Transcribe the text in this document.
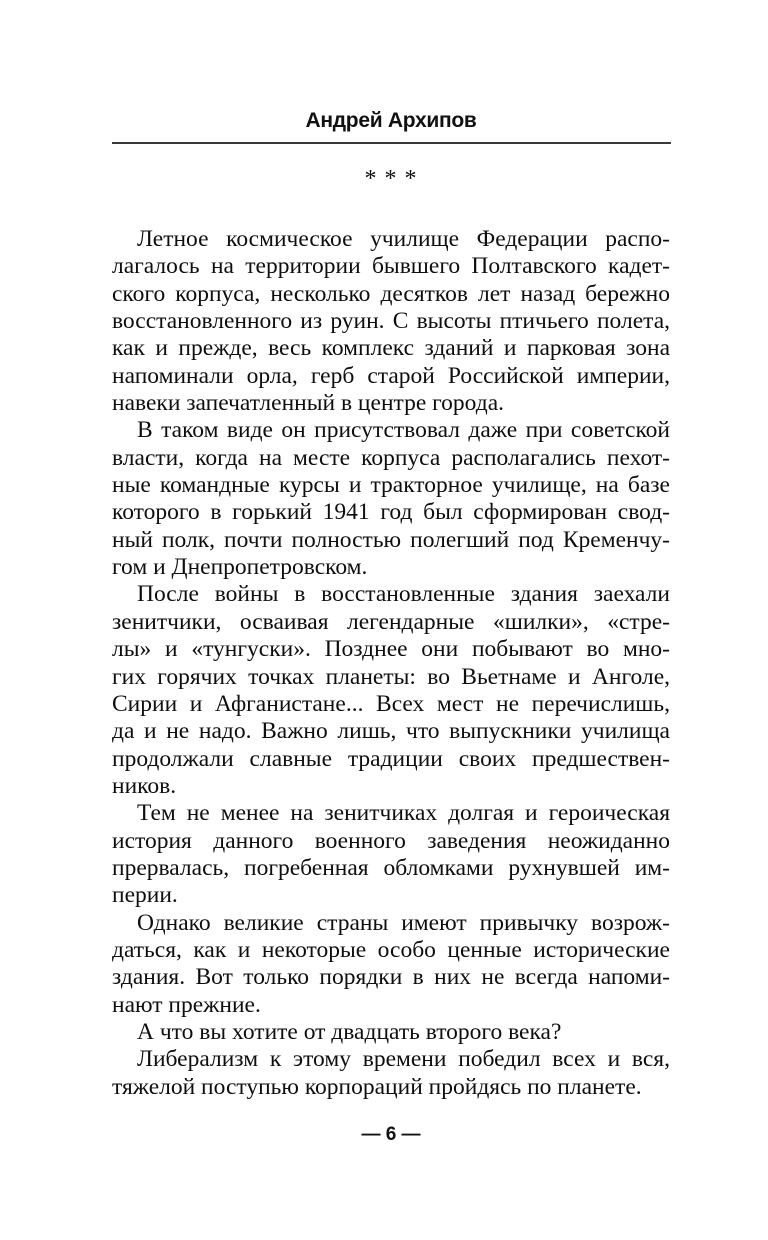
Андрей Архипов
* * *
Летное космическое училище Федерации распо-
лагалось на территории бывшего Полтавского кадет-
ского корпуса, несколько десятков лет назад бережно
восстановленного из руин. С высоты птичьего полета,
как и прежде, весь комплекс зданий и парковая зона
напоминали орла, герб старой Российской империи,
навеки запечатленный в центре города.
В таком виде он присутствовал даже при советской
власти, когда на месте корпуса располагались пехот-
ные командные курсы и тракторное училище, на базе
которого в горький 1941 год был сформирован свод-
ный полк, почти полностью полегший под Кременчу-
гом и Днепропетровском.
После войны в восстановленные здания заехали
зенитчики, осваивая легендарные «шилки», «стре-
лы» и «тунгуски». Позднее они побывают во мно-
гих горячих точках планеты: во Вьетнаме и Анголе,
Сирии и Афганистане... Всех мест не перечислишь,
да и не надо. Важно лишь, что выпускники училища
продолжали славные традиции своих предшествен-
ников.
Тем не менее на зенитчиках долгая и героическая
история данного военного заведения неожиданно
прервалась, погребенная обломками рухнувшей им-
перии.
Однако великие страны имеют привычку возрож-
даться, как и некоторые особо ценные исторические
здания. Вот только порядки в них не всегда напоми-
нают прежние.
А что вы хотите от двадцать второго века?
Либерализм к этому времени победил всех и вся,
тяжелой поступью корпораций пройдясь по планете.
— 6 —
